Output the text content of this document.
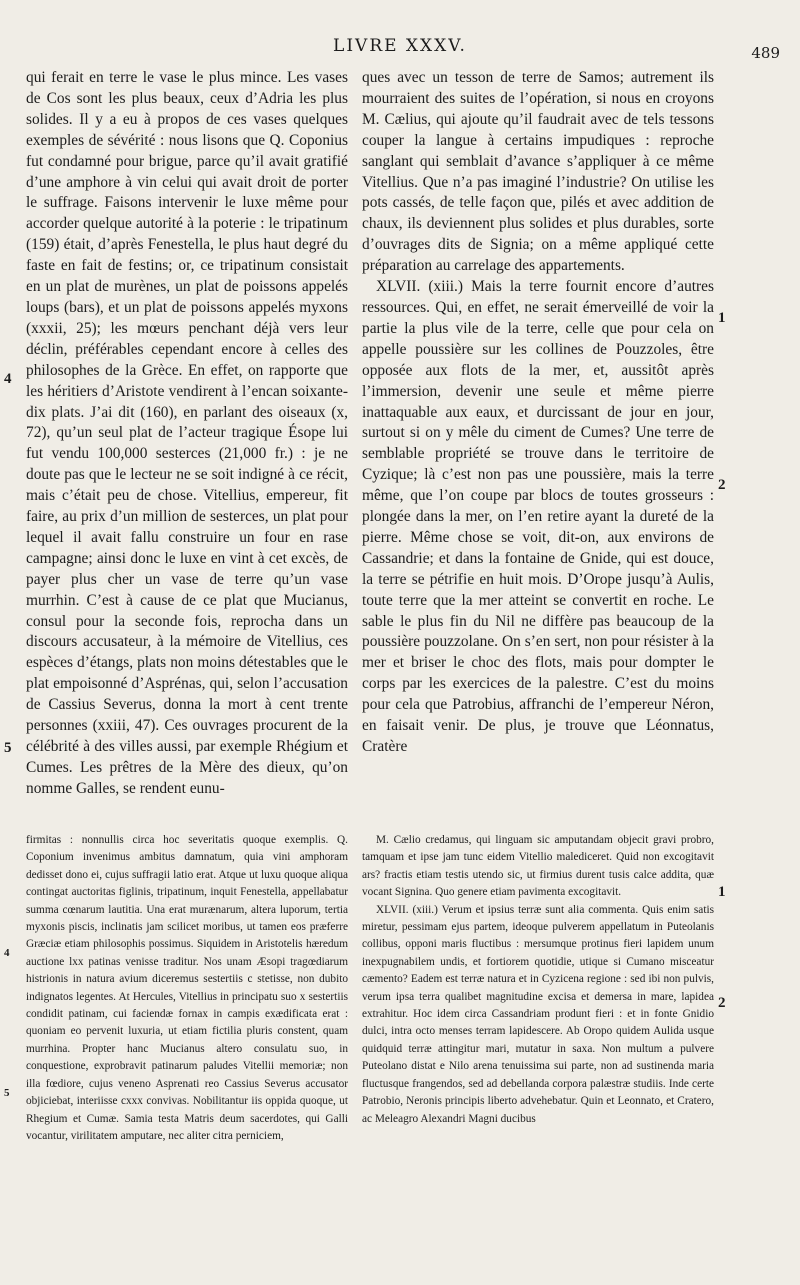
LIVRE XXXV.	489

qui ferait en terre le vase le plus mince. Les vases de Cos sont les plus beaux, ceux d’Adria les plus solides. Il y a eu à propos de ces vases quelques exemples de sévérité : nous lisons que Q. Coponius fut condamné pour brigue, parce qu’il avait gratifié d’une amphore à vin celui qui avait droit de porter le suffrage. Faisons intervenir le luxe même pour accorder quelque autorité à la poterie : le tripatinum (159) était, d’après Fenestella, le plus haut degré du faste en fait de festins; or, ce tripatinum consistait en un plat de murènes, un plat de poissons appelés loups (bars), et un plat de poissons appelés myxons (xxxii, 25); les mœurs penchant déjà vers leur déclin, préférables cependant encore à celles des philosophes de la Grèce. En effet, on rapporte que les héritiers d’Aristote vendirent à l’encan soixante-dix plats. J’ai dit (160), en parlant des oiseaux (x, 72), qu’un seul plat de l’acteur tragique Ésope lui fut vendu 100,000 sesterces (21,000 fr.) : je ne doute pas que le lecteur ne se soit indigné à ce récit, mais c’était peu de chose. Vitellius, empereur, fit faire, au prix d’un million de sesterces, un plat pour lequel il avait fallu construire un four en rase campagne; ainsi donc le luxe en vint à cet excès, de payer plus cher un vase de terre qu’un vase murrhin. C’est à cause de ce plat que Mucianus, consul pour la seconde fois, reprocha dans un discours accusateur, à la mémoire de Vitellius, ces espèces d’étangs, plats non moins détestables que le plat empoisonné d’Asprénas, qui, selon l’accusation de Cassius Severus, donna la mort à cent trente personnes (xxiii, 47). Ces ouvrages procurent de la célébrité à des villes aussi, par exemple Rhégium et Cumes. Les prêtres de la Mère des dieux, qu’on nomme Galles, se rendent eunu-

ques avec un tesson de terre de Samos; autrement ils mourraient des suites de l’opération, si nous en croyons M. Cælius, qui ajoute qu’il faudrait avec de tels tessons couper la langue à certains impudiques : reproche sanglant qui semblait d’avance s’appliquer à ce même Vitellius. Que n’a pas imaginé l’industrie? On utilise les pots cassés, de telle façon que, pilés et avec addition de chaux, ils deviennent plus solides et plus durables, sorte d’ouvrages dits de Signia; on a même appliqué cette préparation au carrelage des appartements.

XLVII. (xiii.) Mais la terre fournit encore d’autres ressources. Qui, en effet, ne serait émerveillé de voir la partie la plus vile de la terre, celle que pour cela on appelle poussière sur les collines de Pouzzoles, être opposée aux flots de la mer, et, aussitôt après l’immersion, devenir une seule et même pierre inattaquable aux eaux, et durcissant de jour en jour, surtout si on y mêle du ciment de Cumes? Une terre de semblable propriété se trouve dans le territoire de Cyzique; là c’est non pas une poussière, mais la terre même, que l’on coupe par blocs de toutes grosseurs : plongée dans la mer, on l’en retire ayant la dureté de la pierre. Même chose se voit, dit-on, aux environs de Cassandrie; et dans la fontaine de Gnide, qui est douce, la terre se pétrifie en huit mois. D’Orope jusqu’à Aulis, toute terre que la mer atteint se convertit en roche. Le sable le plus fin du Nil ne diffère pas beaucoup de la poussière pouzzolane. On s’en sert, non pour résister à la mer et briser le choc des flots, mais pour dompter le corps par les exercices de la palestre. C’est du moins pour cela que Patrobius, affranchi de l’empereur Néron, en faisait venir. De plus, je trouve que Léonnatus, Cratère

4
5
1
2

firmitas : nonnullis circa hoc severitatis quoque exemplis. Q. Coponium invenimus ambitus damnatum, quia vini amphoram dedisset dono ei, cujus suffragii latio erat. Atque ut luxu quoque aliqua contingat auctoritas figlinis, tripatinum, inquit Fenestella, appellabatur summa cœnarum lautitia. Una erat murænarum, altera luporum, tertia myxonis piscis, inclinatis jam scilicet moribus, ut tamen eos præferre Græciæ etiam philosophis possimus. Siquidem in Aristotelis hæredum auctione lxx patinas venisse traditur. Nos unam Æsopi tragœdiarum histrionis in natura avium diceremus sestertiis c stetisse, non dubito indignatos legentes. At Hercules, Vitellius in principatu suo x sestertiis condidit patinam, cui faciendæ fornax in campis exædificata erat : quoniam eo pervenit luxuria, ut etiam fictilia pluris constent, quam murrhina. Propter hanc Mucianus altero consulatu suo, in conquestione, exprobravit patinarum paludes Vitellii memoriæ; non illa fœdiore, cujus veneno Asprenati reo Cassius Severus accusator objiciebat, interiisse cxxx convivas. Nobilitantur iis oppida quoque, ut Rhegium et Cumæ. Samia testa Matris deum sacerdotes, qui Galli vocantur, virilitatem amputare, nec aliter citra perniciem,

M. Cælio credamus, qui linguam sic amputandam objecit gravi probro, tamquam et ipse jam tunc eidem Vitellio malediceret. Quid non excogitavit ars? fractis etiam testis utendo sic, ut firmius durent tusis calce addita, quæ vocant Signina. Quo genere etiam pavimenta excogitavit.

XLVII. (xiii.) Verum et ipsius terræ sunt alia commenta. Quis enim satis miretur, pessimam ejus partem, ideoque pulverem appellatum in Puteolanis collibus, opponi maris fluctibus : mersumque protinus fieri lapidem unum inexpugnabilem undis, et fortiorem quotidie, utique si Cumano misceatur cæmento? Eadem est terræ natura et in Cyzicena regione : sed ibi non pulvis, verum ipsa terra qualibet magnitudine excisa et demersa in mare, lapidea extrahitur. Hoc idem circa Cassandriam produnt fieri : et in fonte Gnidio dulci, intra octo menses terram lapidescere. Ab Oropo quidem Aulida usque quidquid terræ attingitur mari, mutatur in saxa. Non multum a pulvere Puteolano distat e Nilo arena tenuissima sui parte, non ad sustinenda maria fluctusque frangendos, sed ad debellanda corpora palæstræ studiis. Inde certe Patrobio, Neronis principis liberto advehebatur. Quin et Leonnato, et Cratero, ac Meleagro Alexandri Magni ducibus

4
5
1
2
